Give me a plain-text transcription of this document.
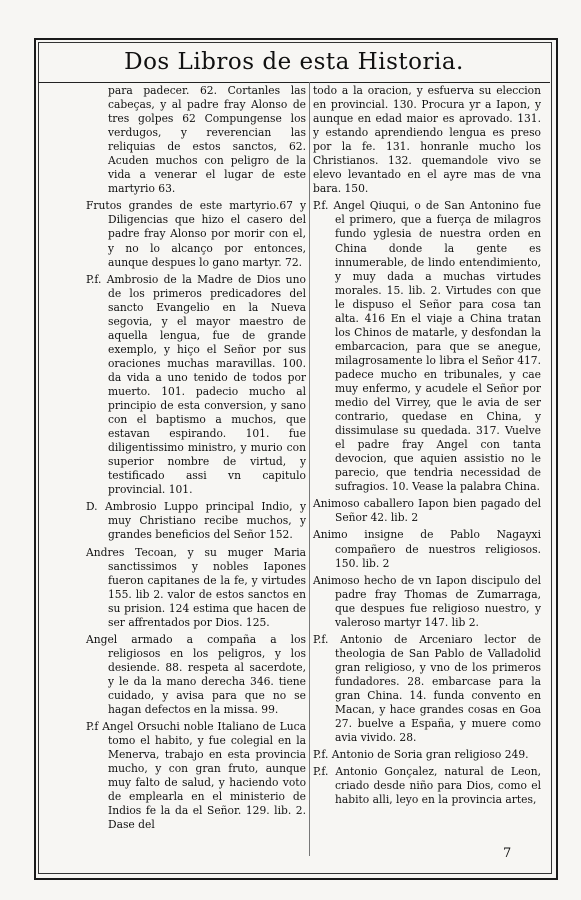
Dos Libros de esta Historia.

para padecer. 62. Cortanles las cabeças, y al padre fray Alonso de tres golpes 62 Compungense los verdugos, y reverencian las reliquias de estos sanctos, 62. Acuden muchos con peligro de la vida a venerar el lugar de este martyrio 63.

Frutos grandes de este martyrio.67 y Diligencias que hizo el casero del padre fray Alonso por morir con el, y no lo alcanço por entonces, aunque despues lo gano martyr. 72.

P.f. Ambrosio de la Madre de Dios uno de los primeros predicadores del sancto Evangelio en la Nueva segovia, y el mayor maestro de aquella lengua, fue de grande exemplo, y hiço el Señor por sus oraciones muchas maravillas. 100. da vida a uno tenido de todos por muerto. 101. padecio mucho al principio de esta conversion, y sano con el baptismo a muchos, que estavan espirando. 101. fue diligentissimo ministro, y murio con superior nombre de virtud, y testificado assi vn capitulo provincial. 101.

D. Ambrosio Luppo principal Indio, y muy Christiano recibe muchos, y grandes beneficios del Señor 152.

Andres Tecoan, y su muger Maria sanctissimos y nobles Iapones fueron capitanes de la fe, y virtudes 155. lib 2. valor de estos sanctos en su prision. 124 estima que hacen de ser affrentados por Dios. 125.

Angel armado a compaña a los religiosos en los peligros, y los desiende. 88. respeta al sacerdote, y le da la mano derecha 346. tiene cuidado, y avisa para que no se hagan defectos en la missa. 99.

P.f Angel Orsuchi noble Italiano de Luca tomo el habito, y fue colegial en la Menerva, trabajo en esta provincia mucho, y con gran fruto, aunque muy falto de salud, y haciendo voto de emplearla en el ministerio de Indios fe la da el Señor. 129. lib. 2. Dase del

todo a la oracion, y esfuerva su eleccion en provincial. 130. Procura yr a Iapon, y aunque en edad maior es aprovado. 131. y estando aprendiendo lengua es preso por la fe. 131. honranle mucho los Christianos. 132. quemandole vivo se elevo levantado en el ayre mas de vna bara. 150.

P.f. Angel Qiuqui, o de San Antonino fue el primero, que a fuerça de milagros fundo yglesia de nuestra orden en China donde la gente es innumerable, de lindo entendimiento, y muy dada a muchas virtudes morales. 15. lib. 2. Virtudes con que le dispuso el Señor para cosa tan alta. 416 En el viaje a China tratan los Chinos de matarle, y desfondan la embarcacion, para que se anegue, milagrosamente lo libra el Señor 417. padece mucho en tribunales, y cae muy enfermo, y acudele el Señor por medio del Virrey, que le avia de ser contrario, quedase en China, y dissimulase su quedada. 317. Vuelve el padre fray Angel con tanta devocion, que aquien assistio no le parecio, que tendria necessidad de sufragios. 10. Vease la palabra China.

Animoso caballero Iapon bien pagado del Señor 42. lib. 2

Animo insigne de Pablo Nagayxi compañero de nuestros religiosos. 150. lib. 2

Animoso hecho de vn Iapon discipulo del padre fray Thomas de Zumarraga, que despues fue religioso nuestro, y valeroso martyr 147. lib 2.

P.f. Antonio de Arceniaro lector de theologia de San Pablo de Valladolid gran religioso, y vno de los primeros fundadores. 28. embarcase para la gran China. 14. funda convento en Macan, y hace grandes cosas en Goa 27. buelve a España, y muere como avia vivido. 28.

P.f. Antonio de Soria gran religioso 249.

P.f. Antonio Gonçalez, natural de Leon, criado desde niño para Dios, como el habito alli, leyo en la provincia artes,

7
